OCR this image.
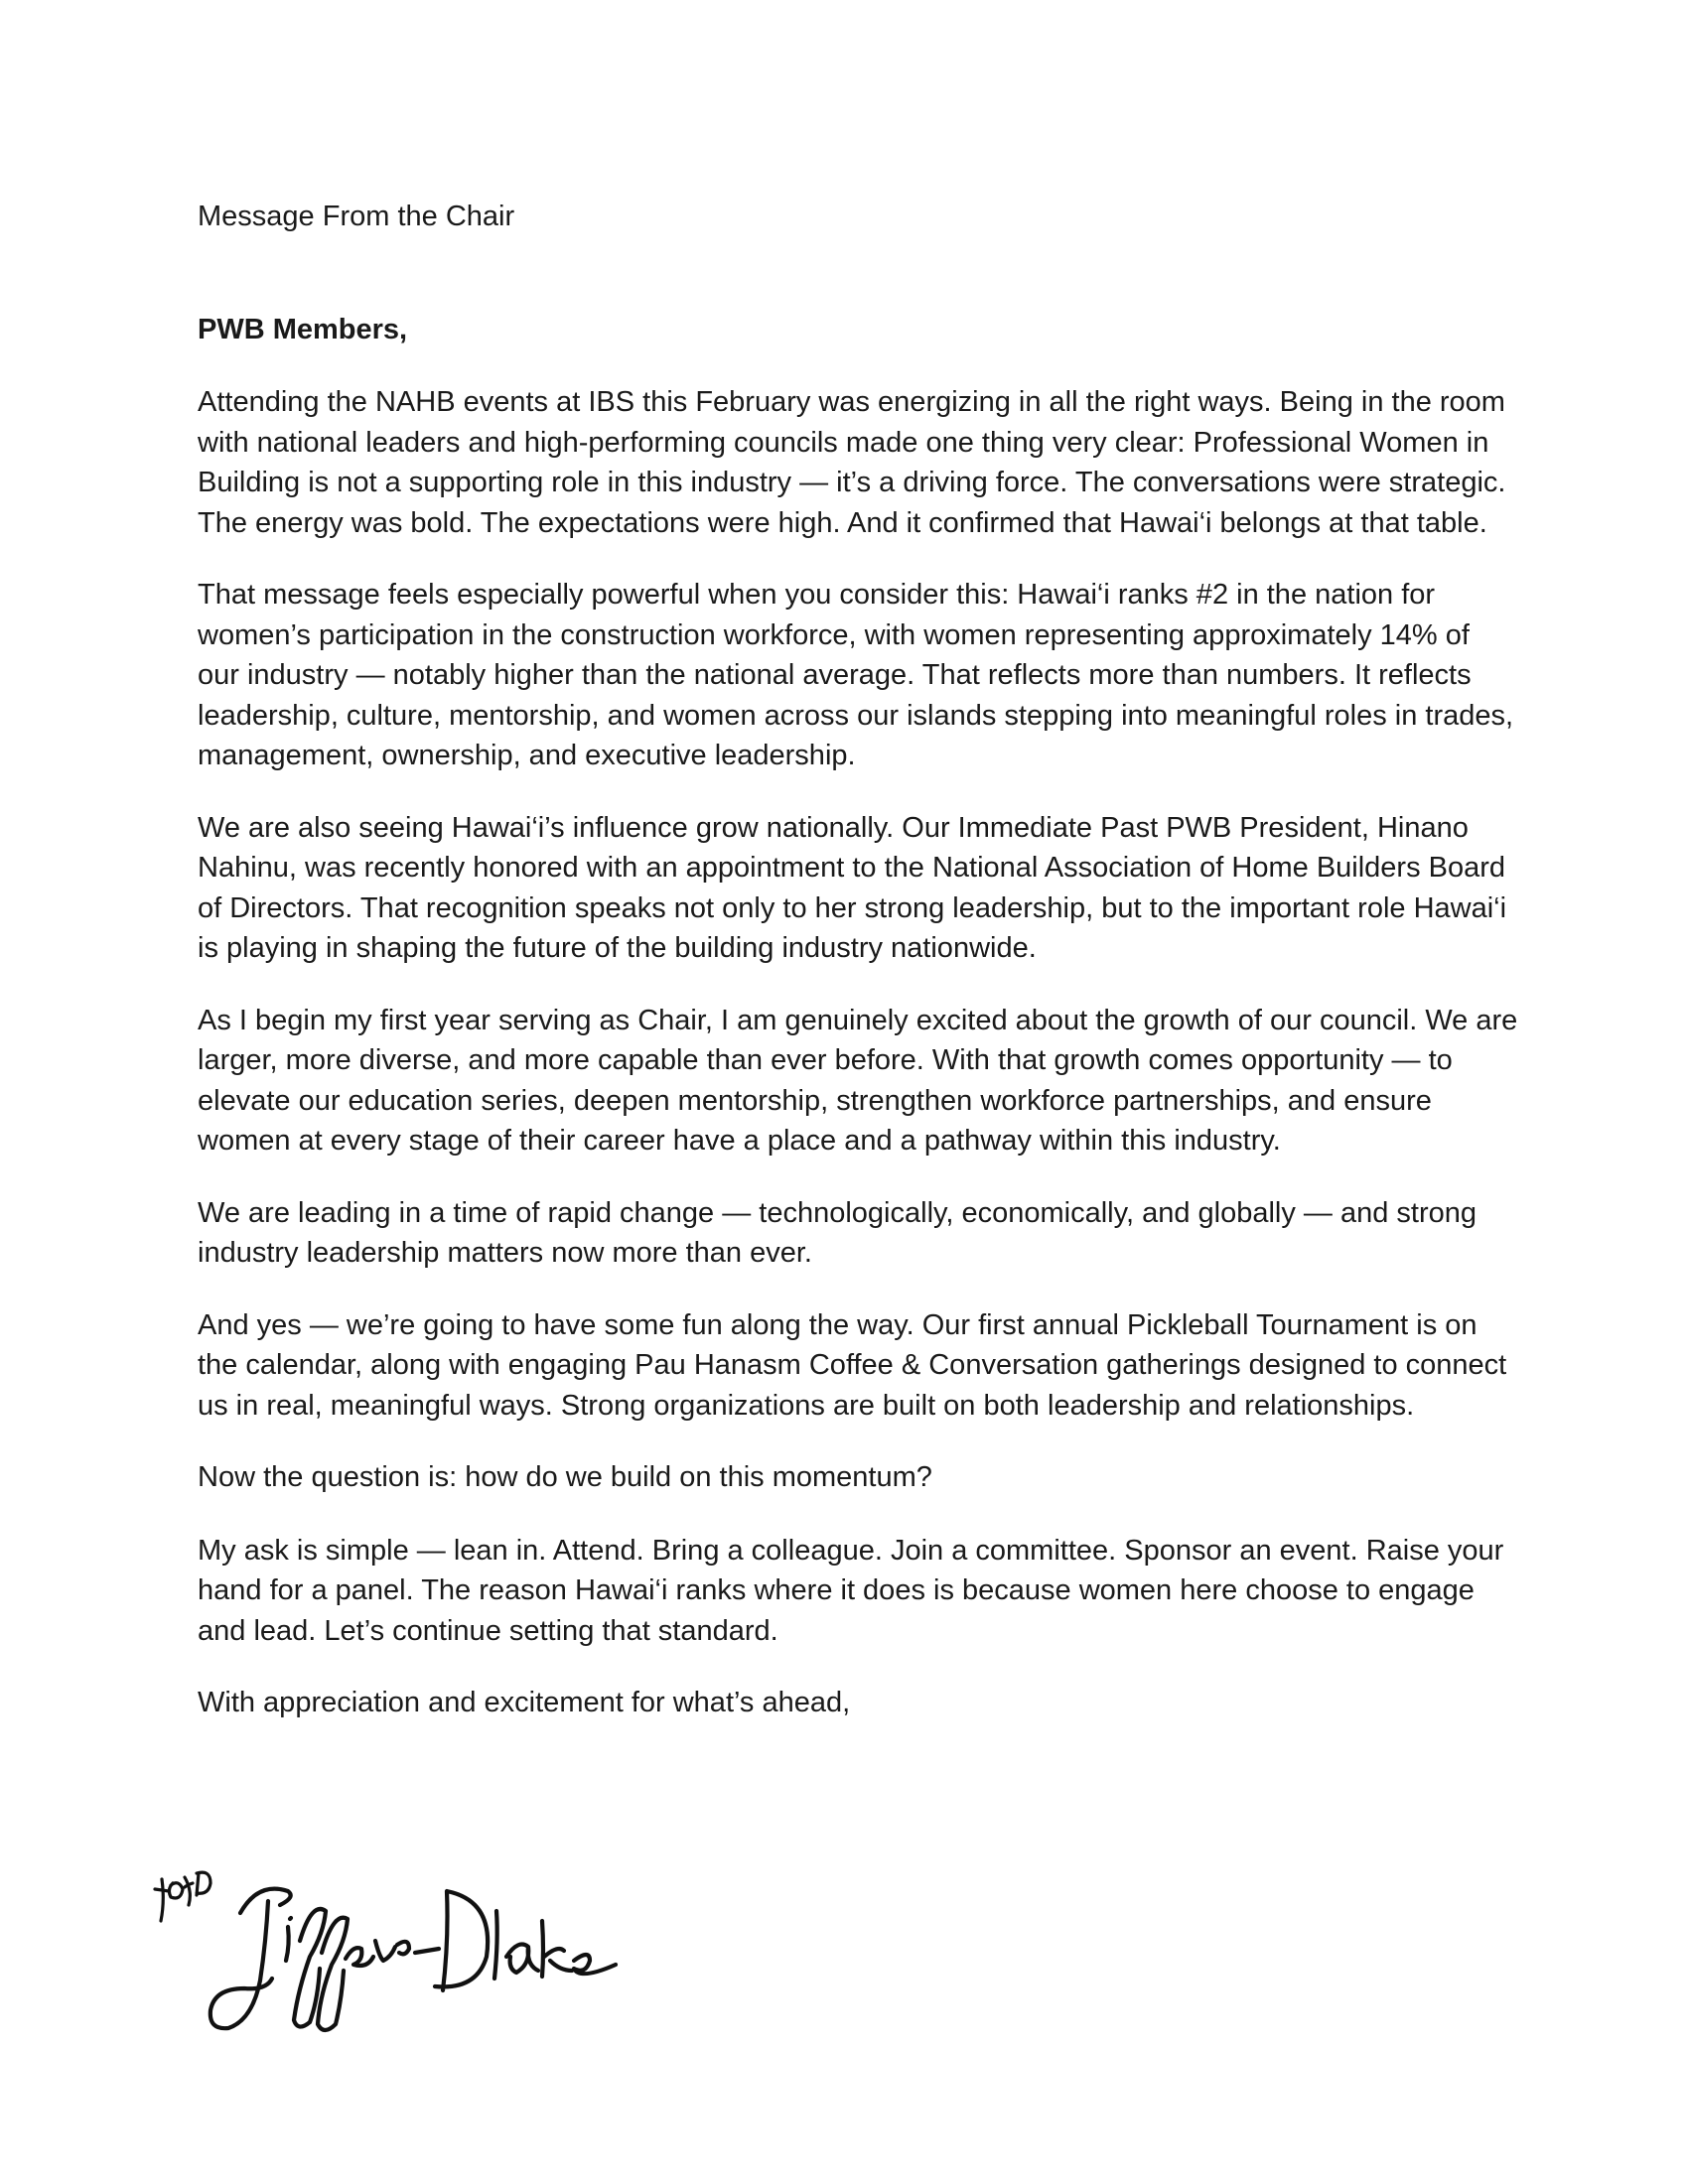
Message From the Chair
PWB Members,

Attending the NAHB events at IBS this February was energizing in all the right ways. Being in the room with national leaders and high-performing councils made one thing very clear: Professional Women in Building is not a supporting role in this industry — it’s a driving force. The conversations were strategic. The energy was bold. The expectations were high. And it confirmed that Hawai‘i belongs at that table.

That message feels especially powerful when you consider this: Hawai‘i ranks #2 in the nation for women’s participation in the construction workforce, with women representing approximately 14% of our industry — notably higher than the national average. That reflects more than numbers. It reflects leadership, culture, mentorship, and women across our islands stepping into meaningful roles in trades, management, ownership, and executive leadership.

We are also seeing Hawai‘i’s influence grow nationally. Our Immediate Past PWB President, Hinano Nahinu, was recently honored with an appointment to the National Association of Home Builders Board of Directors. That recognition speaks not only to her strong leadership, but to the important role Hawai‘i is playing in shaping the future of the building industry nationwide.

As I begin my first year serving as Chair, I am genuinely excited about the growth of our council. We are larger, more diverse, and more capable than ever before. With that growth comes opportunity — to elevate our education series, deepen mentorship, strengthen workforce partnerships, and ensure women at every stage of their career have a place and a pathway within this industry.

We are leading in a time of rapid change — technologically, economically, and globally — and strong industry leadership matters now more than ever.

And yes — we’re going to have some fun along the way. Our first annual Pickleball Tournament is on the calendar, along with engaging Pau Hanasm Coffee & Conversation gatherings designed to connect us in real, meaningful ways. Strong organizations are built on both leadership and relationships.

Now the question is: how do we build on this momentum?

My ask is simple — lean in. Attend. Bring a colleague. Join a committee. Sponsor an event. Raise your hand for a panel. The reason Hawai‘i ranks where it does is because women here choose to engage and lead. Let’s continue setting that standard.

With appreciation and excitement for what’s ahead,
